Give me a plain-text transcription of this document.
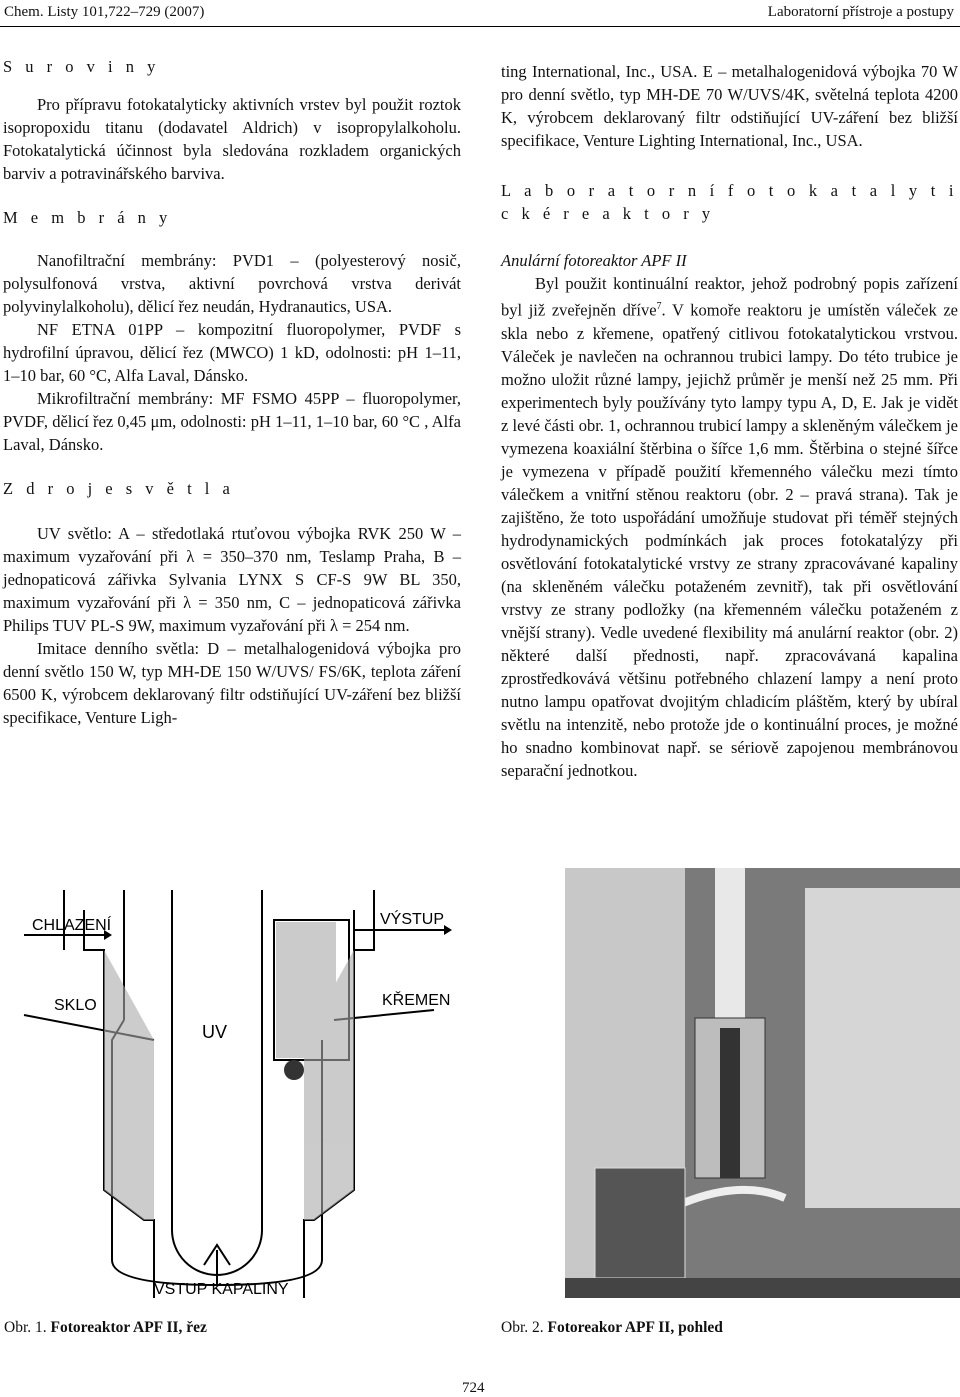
Chem. Listy 101,722–729 (2007)	Laboratorní přístroje a postupy
S u r o v i n y

Pro přípravu fotokatalyticky aktivních vrstev byl použit roztok isopropoxidu titanu (dodavatel Aldrich) v isopropylalkoholu. Fotokatalytická účinnost byla sledována rozkladem organických barviv a potravinářského barviva.

M e m b r á n y

Nanofiltrační membrány: PVD1 – (polyesterový nosič, polysulfonová vrstva, aktivní povrchová vrstva derivát polyvinylalkoholu), dělicí řez neudán, Hydranautics, USA.

NF ETNA 01PP – kompozitní fluoropolymer, PVDF s hydrofilní úpravou, dělicí řez (MWCO) 1 kD, odolnosti: pH 1–11, 1–10 bar, 60 °C, Alfa Laval, Dánsko.

Mikrofiltrační membrány: MF FSMO 45PP – fluoropolymer, PVDF, dělicí řez 0,45 μm, odolnosti: pH 1–11, 1–10 bar, 60 °C , Alfa Laval, Dánsko.

Z d r o j e s v ě t l a

UV světlo: A – středotlaká rtuťovou výbojka RVK 250 W – maximum vyzařování při λ = 350–370 nm, Teslamp Praha, B – jednopaticová zářivka Sylvania LYNX S CF-S 9W BL 350, maximum vyzařování při λ = 350 nm, C – jednopaticová zářivka Philips TUV PL-S 9W, maximum vyzařování při λ = 254 nm.

Imitace denního světla: D – metalhalogenidová výbojka pro denní světlo 150 W, typ MH-DE 150 W/UVS/ FS/6K, teplota záření 6500 K, výrobcem deklarovaný filtr odstiňující UV-záření bez bližší specifikace, Venture Ligh-

ting International, Inc., USA. E – metalhalogenidová výbojka 70 W pro denní světlo, typ MH-DE 70 W/UVS/4K, světelná teplota 4200 K, výrobcem deklarovaný filtr odstiňující UV-záření bez bližší specifikace, Venture Lighting International, Inc., USA.

L a b o r a t o r n í f o t o k a t a l y t i c k é r e a k t o r y
Anulární fotoreaktor APF II

Byl použit kontinuální reaktor, jehož podrobný popis zařízení byl již zveřejněn dříve$^7$. V komoře reaktoru je umístěn váleček ze skla nebo z křemene, opatřený citlivou fotokatalytickou vrstvou. Váleček je navlečen na ochrannou trubici lampy. Do této trubice je možno uložit různé lampy, jejichž průměr je menší než 25 mm. Při experimentech byly používány tyto lampy typu A, D, E. Jak je vidět z levé části obr. 1, ochrannou trubicí lampy a skleněným válečkem je vymezena koaxiální štěrbina o šířce 1,6 mm. Štěrbina o stejné šířce je vymezena v případě použití křemenného válečku mezi tímto válečkem a vnitřní stěnou reaktoru (obr. 2 – pravá strana). Tak je zajištěno, že toto uspořádání umožňuje studovat při téměř stejných hydrodynamických podmínkách jak proces fotokatalýzy při osvětlování fotokatalytické vrstvy ze strany zpracovávané kapaliny (na skleněném válečku potaženém zevnitř), tak při osvětlování vrstvy ze strany podložky (na křemenném válečku potaženém z vnější strany). Vedle uvedené flexibility má anulární reaktor (obr. 2) některé další přednosti, např. zpracovávaná kapalina zprostředkovává většinu potřebného chlazení lampy a není proto nutno lampu opatřovat dvojitým chladicím pláštěm, který by ubíral světlu na intenzitě, nebo protože jde o kontinuální proces, je možné ho snadno kombinovat např. se sériově zapojenou membránovou separační jednotkou.

CHLAZENÍ	VÝSTUP
UV
SKLO	KŘEMEN
VSTUP KAPALINY
Obr. 1. Fotoreaktor APF II, řez	Obr. 2. Fotoreakor APF II, pohled
724
